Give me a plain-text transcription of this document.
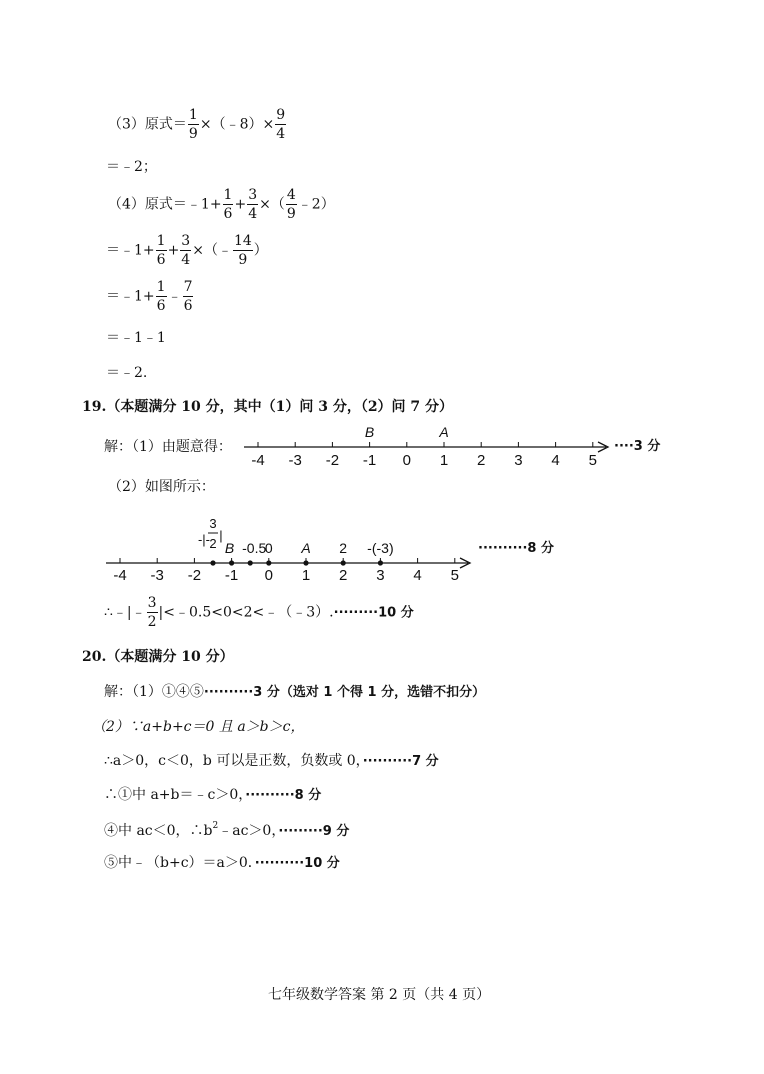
（3）原式＝ $\frac{1}{9}$ ×（﹣8）× $\frac{9}{4}$
＝﹣2；
（4）原式＝﹣1+ $\frac{1}{6} + \frac{3}{4}$ ×（ $\frac{4}{9}$ ﹣2）
＝﹣1+ $\frac{1}{6} + \frac{3}{4}$ ×（﹣ $\frac{14}{9}$ ）
＝﹣1+ $\frac{1}{6}$ ﹣ $\frac{7}{6}$
＝﹣1﹣1
＝﹣2.
19.（本题满分 10 分，其中（1）问 3 分，（2）问 7 分）
解：（1）由题意得：
-4 -3 -2 -1 0 1 2 3 4 5
B	A
····3 分
（2）如图所示：
-4 -3 -2 -1 0 1 2 3 4 5
-|-
3
2
|
B -0.5
0 A 2 -(-3)	··········8 分
∴﹣|﹣ $\frac{3}{2}$ |<﹣0.5<0<2<﹣（﹣3）.·········10 分
20.（本题满分 10 分）
解：（1）①④⑤··········3 分（选对 1 个得 1 分，选错不扣分）
（2）∵a+b+c＝0 且 a＞b＞c，
∴a＞0，c＜0，b 可以是正数，负数或 0，··········7 分
∴①中 a+b＝﹣c＞0，··········8 分
④中 ac＜0，$\therefore b^2﹣ac>0$，·········9 分
⑤中﹣（b+c）＝a＞0．··········10 分
七年级数学答案 第 2 页（共 4 页）
